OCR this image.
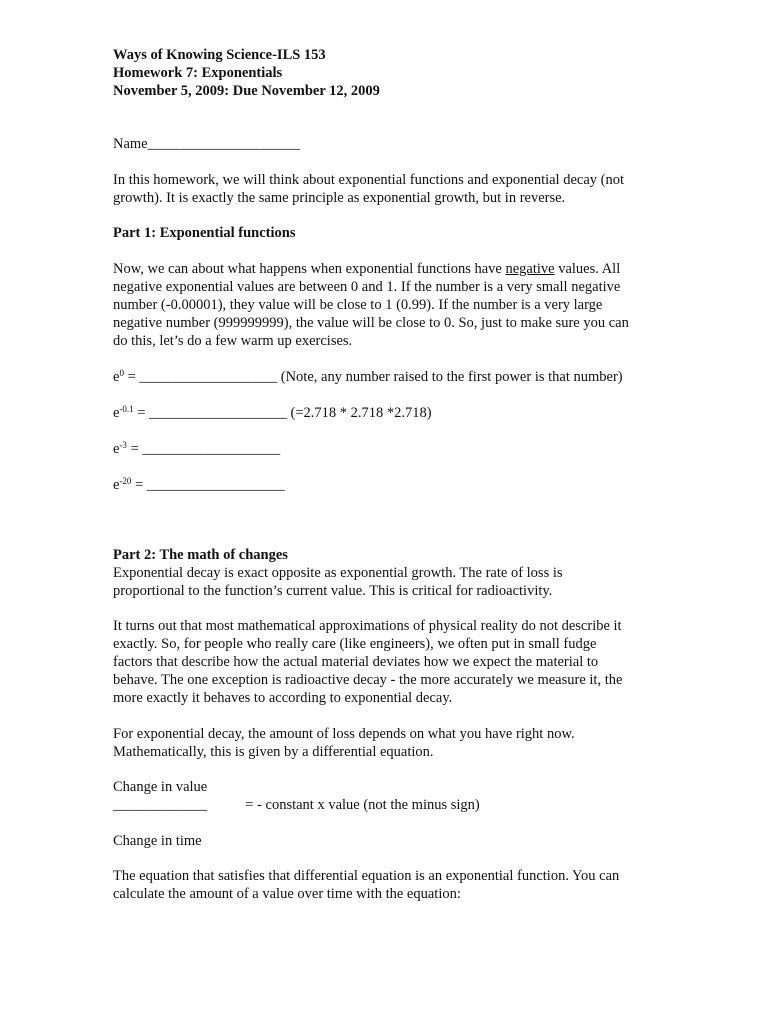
Ways of Knowing Science-ILS 153
Homework 7: Exponentials
November 5, 2009: Due November 12, 2009
Name_____________________
In this homework, we will think about exponential functions and exponential decay (not
growth). It is exactly the same principle as exponential growth, but in reverse.
Part 1: Exponential functions
Now, we can about what happens when exponential functions have negative values. All
negative exponential values are between 0 and 1. If the number is a very small negative
number (-0.00001), they value will be close to 1 (0.99). If the number is a very large
negative number (999999999), the value will be close to 0. So, just to make sure you can
do this, let’s do a few warm up exercises.
$e^0$ = ___________________ (Note, any number raised to the first power is that number)
$e^{-0.1}$ = ___________________ (=2.718 * 2.718 *2.718)
$e^{-3}$ = ___________________
$e^{-20}$ = ___________________
Part 2: The math of changes
Exponential decay is exact opposite as exponential growth. The rate of loss is
proportional to the function’s current value. This is critical for radioactivity.
It turns out that most mathematical approximations of physical reality do not describe it
exactly. So, for people who really care (like engineers), we often put in small fudge
factors that describe how the actual material deviates how we expect the material to
behave. The one exception is radioactive decay - the more accurately we measure it, the
more exactly it behaves to according to exponential decay.
For exponential decay, the amount of loss depends on what you have right now.
Mathematically, this is given by a differential equation.
Change in value
_____________	= - constant x value (not the minus sign)
Change in time
The equation that satisfies that differential equation is an exponential function. You can
calculate the amount of a value over time with the equation:
